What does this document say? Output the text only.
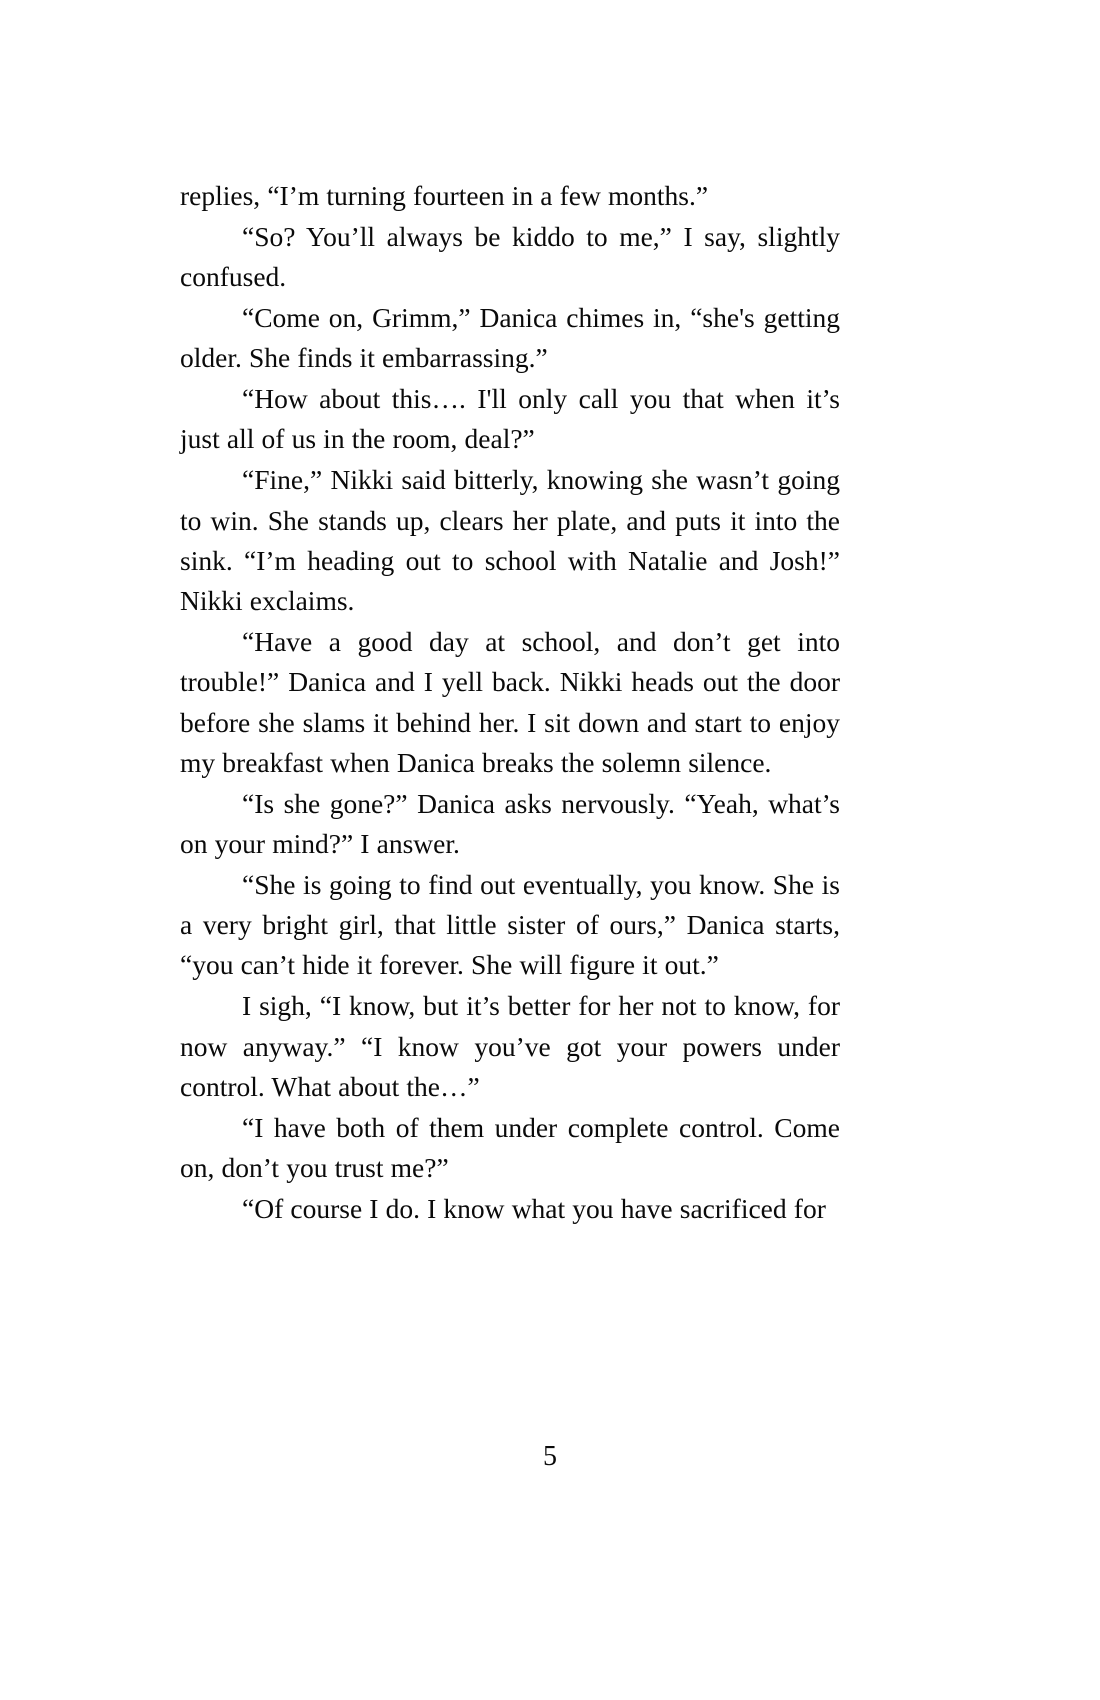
replies, “I’m turning fourteen in a few months.”

“So? You’ll always be kiddo to me,” I say, slightly confused.

“Come on, Grimm,” Danica chimes in, “she's getting older. She finds it embarrassing.”

“How about this…. I'll only call you that when it’s just all of us in the room, deal?”

“Fine,” Nikki said bitterly, knowing she wasn’t going to win. She stands up, clears her plate, and puts it into the sink. “I’m heading out to school with Natalie and Josh!” Nikki exclaims.

“Have a good day at school, and don’t get into trouble!” Danica and I yell back. Nikki heads out the door before she slams it behind her. I sit down and start to enjoy my breakfast when Danica breaks the solemn silence.

“Is she gone?” Danica asks nervously. “Yeah, what’s on your mind?” I answer.

“She is going to find out eventually, you know. She is a very bright girl, that little sister of ours,” Danica starts, “you can’t hide it forever. She will figure it out.”

I sigh, “I know, but it’s better for her not to know, for now anyway.” “I know you’ve got your powers under control. What about the…”

“I have both of them under complete control. Come on, don’t you trust me?”

“Of course I do. I know what you have sacrificed for

5
